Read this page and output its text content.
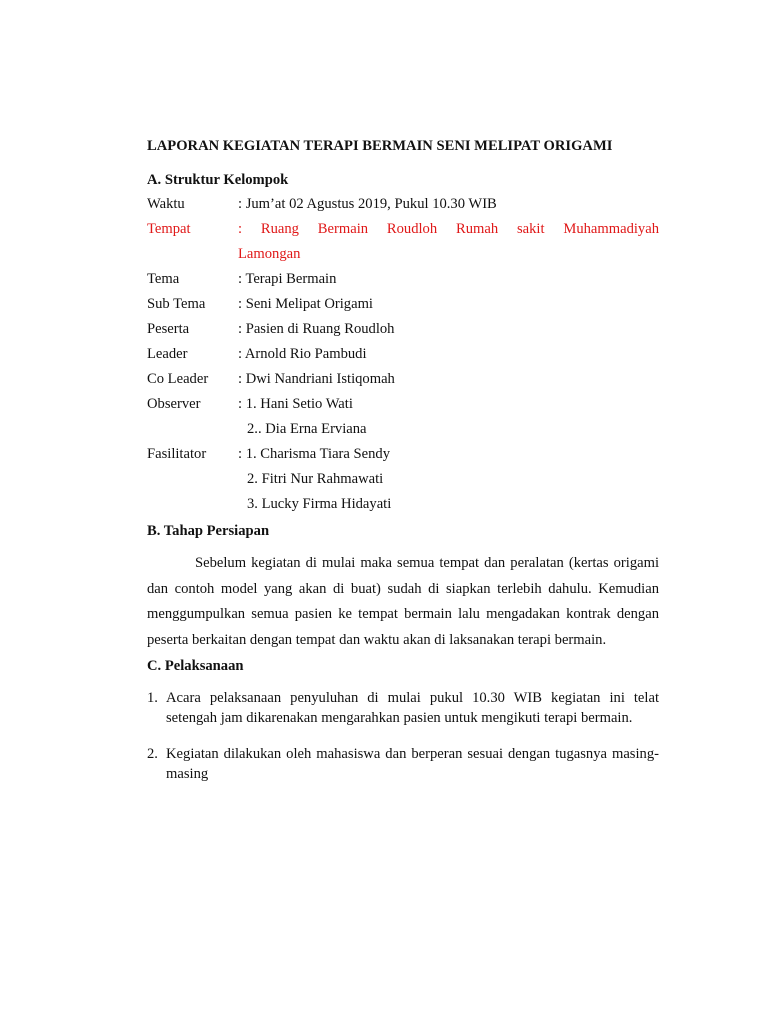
LAPORAN KEGIATAN TERAPI BERMAIN SENI MELIPAT ORIGAMI

A. Struktur Kelompok

Waktu	: Jum’at 02 Agustus 2019, Pukul 10.30 WIB
Tempat	: Ruang Bermain Roudloh Rumah sakit Muhammadiyah
Lamongan
Tema	: Terapi Bermain
Sub Tema	: Seni Melipat Origami
Peserta	: Pasien di Ruang Roudloh
Leader	: Arnold Rio Pambudi
Co Leader	: Dwi Nandriani Istiqomah
Observer	: 1. Hani Setio Wati
2.. Dia Erna Erviana
Fasilitator	: 1. Charisma Tiara Sendy
2. Fitri Nur Rahmawati
3. Lucky Firma Hidayati

B. Tahap Persiapan

Sebelum kegiatan di mulai maka semua tempat dan peralatan (kertas origami dan contoh model yang akan di buat) sudah di siapkan terlebih dahulu. Kemudian menggumpulkan semua pasien ke tempat bermain lalu mengadakan kontrak dengan peserta berkaitan dengan tempat dan waktu akan di laksanakan terapi bermain.

C. Pelaksanaan

1. Acara pelaksanaan penyuluhan di mulai pukul 10.30 WIB kegiatan ini telat setengah jam dikarenakan mengarahkan pasien untuk mengikuti terapi bermain.
2. Kegiatan dilakukan oleh mahasiswa dan berperan sesuai dengan tugasnya masing-masing
